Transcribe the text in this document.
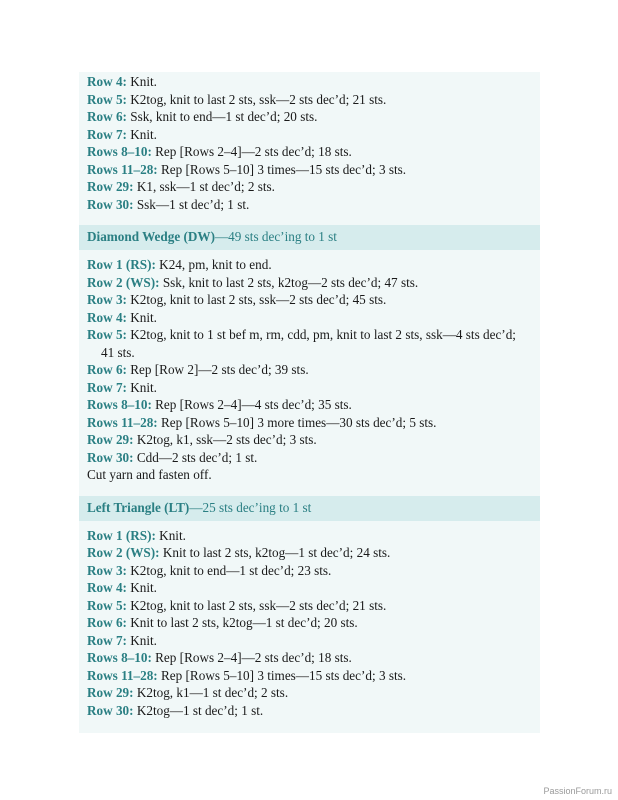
Row 4: Knit.

Row 5: K2tog, knit to last 2 sts, ssk—2 sts dec’d; 21 sts.

Row 6: Ssk, knit to end—1 st dec’d; 20 sts.

Row 7: Knit.

Rows 8–10: Rep [Rows 2–4]—2 sts dec’d; 18 sts.

Rows 11–28: Rep [Rows 5–10] 3 times—15 sts dec’d; 3 sts.

Row 29: K1, ssk—1 st dec’d; 2 sts.

Row 30: Ssk—1 st dec’d; 1 st.

Diamond Wedge (DW)—49 sts dec’ing to 1 st

Row 1 (RS): K24, pm, knit to end.

Row 2 (WS): Ssk, knit to last 2 sts, k2tog—2 sts dec’d; 47 sts.

Row 3: K2tog, knit to last 2 sts, ssk—2 sts dec’d; 45 sts.

Row 4: Knit.

Row 5: K2tog, knit to 1 st bef m, rm, cdd, pm, knit to last 2 sts, ssk—4 sts dec’d; 41 sts.

Row 6: Rep [Row 2]—2 sts dec’d; 39 sts.

Row 7: Knit.

Rows 8–10: Rep [Rows 2–4]—4 sts dec’d; 35 sts.

Rows 11–28: Rep [Rows 5–10] 3 more times—30 sts dec’d; 5 sts.

Row 29: K2tog, k1, ssk—2 sts dec’d; 3 sts.

Row 30: Cdd—2 sts dec’d; 1 st.

Cut yarn and fasten off.

Left Triangle (LT)—25 sts dec’ing to 1 st

Row 1 (RS): Knit.

Row 2 (WS): Knit to last 2 sts, k2tog—1 st dec’d; 24 sts.

Row 3: K2tog, knit to end—1 st dec’d; 23 sts.

Row 4: Knit.

Row 5: K2tog, knit to last 2 sts, ssk—2 sts dec’d; 21 sts.

Row 6: Knit to last 2 sts, k2tog—1 st dec’d; 20 sts.

Row 7: Knit.

Rows 8–10: Rep [Rows 2–4]—2 sts dec’d; 18 sts.

Rows 11–28: Rep [Rows 5–10] 3 times—15 sts dec’d; 3 sts.

Row 29: K2tog, k1—1 st dec’d; 2 sts.

Row 30: K2tog—1 st dec’d; 1 st.

PassionForum.ru
